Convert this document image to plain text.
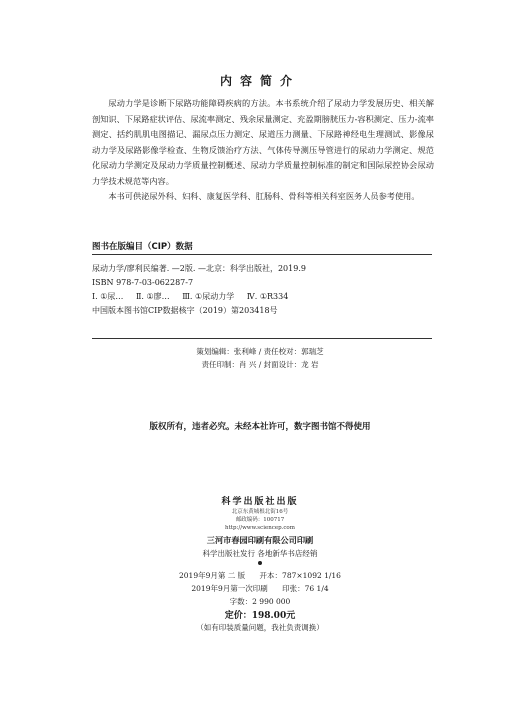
内容简介

尿动力学是诊断下尿路功能障碍疾病的方法。本书系统介绍了尿动力学发展历史、相关解剖知识、下尿路症状评估、尿流率测定、残余尿量测定、充盈期膀胱压力-容积测定、压力-流率测定、括约肌肌电图描记、漏尿点压力测定、尿道压力测量、下尿路神经电生理测试、影像尿动力学及尿路影像学检查、生物反馈治疗方法、气体传导测压导管进行的尿动力学测定、规范化尿动力学测定及尿动力学质量控制概述、尿动力学质量控制标准的制定和国际尿控协会尿动力学技术规范等内容。

本书可供泌尿外科、妇科、康复医学科、肛肠科、骨科等相关科室医务人员参考使用。

图书在版编目（CIP）数据
尿动力学/廖利民编著. —2版. —北京：科学出版社，2019.9
ISBN 978-7-03-062287-7
Ⅰ. ①尿… Ⅱ. ①廖… Ⅲ. ①尿动力学 Ⅳ. ①R334
中国版本图书馆CIP数据核字（2019）第203418号
策划编辑：张利峰 / 责任校对：郭瑞芝
责任印制：肖 兴 / 封面设计：龙 岩
版权所有，违者必究。未经本社许可，数字图书馆不得使用
科学出版社出版
北京东黄城根北街16号
邮政编码：100717
http://www.sciencep.com
三河市春园印刷有限公司印刷
科学出版社发行 各地新华书店经销
2019年9月第 二 版 开本：787×1092 1/16
2019年9月第一次印刷 印张：76 1/4
字数：2 990 000
定价：198.00元
（如有印装质量问题，我社负责调换）
